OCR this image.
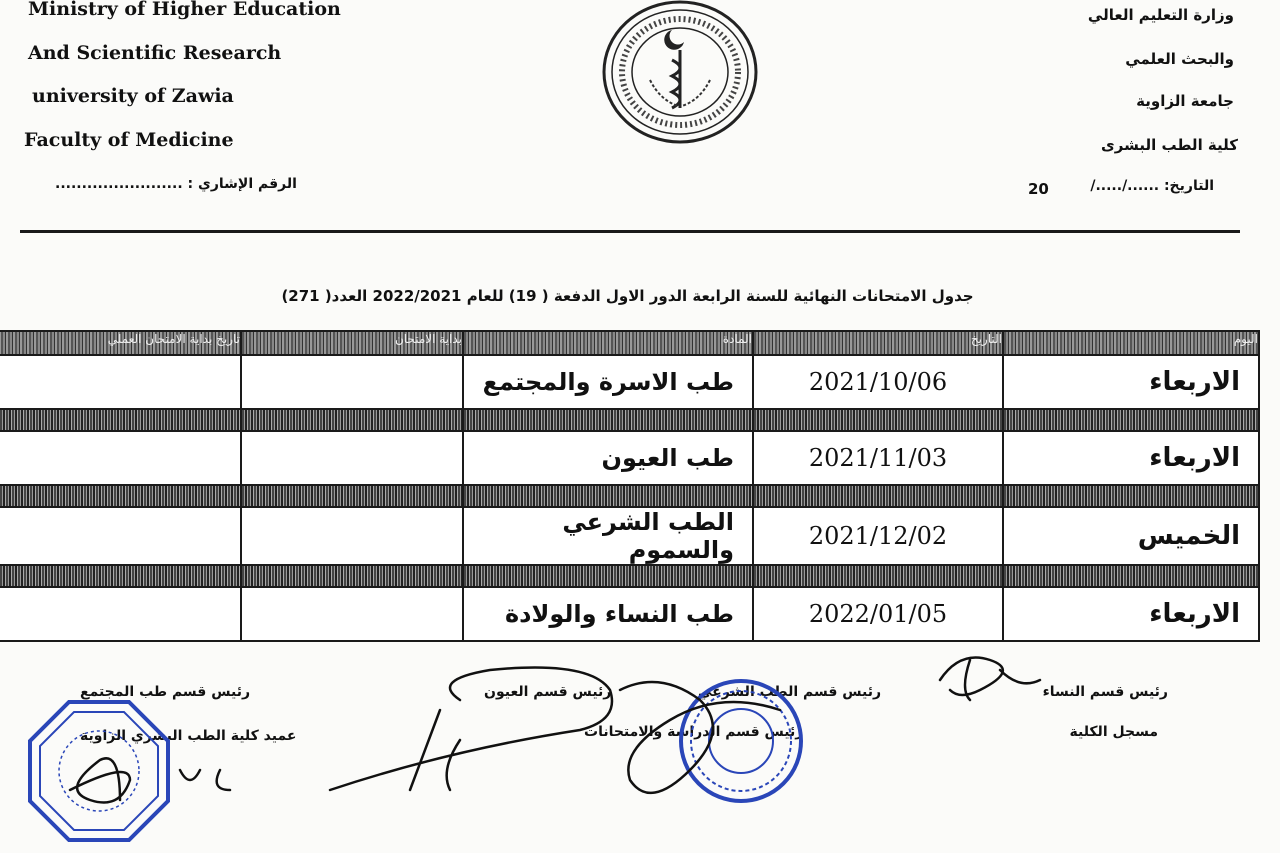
Ministry of Higher Education
And Scientific Research
university of Zawia
Faculty of Medicine
وزارة التعليم العالي
والبحث العلمي
جامعة الزاوية
كلية الطب البشرى
الرقم الإشاري : ........................	التاريخ: ....../...../
20
جدول الامتحانات النهائية للسنة الرابعة الدور الاول الدفعة ( 19) للعام 2022/2021 العدد( 271)
اليوم	التاريخ	المادة	بداية الامتحان	تاريخ بداية الامتحان العملي
الاربعاء	2021/10/06	طب الاسرة والمجتمع		

الاربعاء	2021/11/03	طب العيون		

الخميس	2021/12/02	الطب الشرعي والسموم		

الاربعاء	2022/01/05	طب النساء والولادة		
رئيس قسم النساء
رئيس قسم الطب الشرعي
رئيس قسم العيون
رئيس قسم طب المجتمع
مسجل الكلية
رئيس قسم الدراسة والامتحانات
عميد كلية الطب البشري الزاوية
